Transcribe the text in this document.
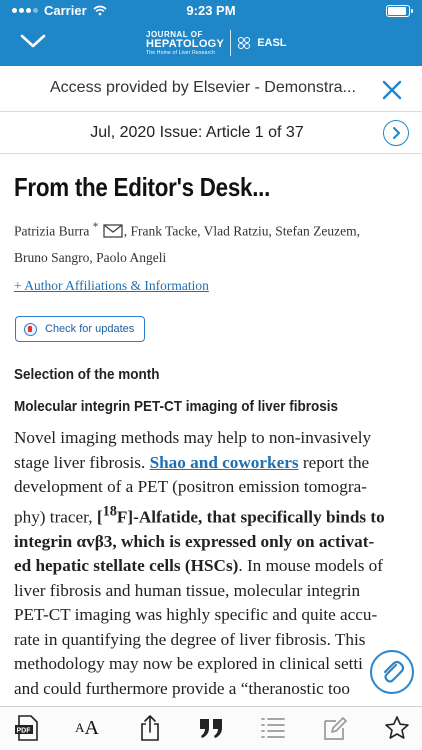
Carrier	9:23 PM
JOURNAL OF
HEPATOLOGY
The Home of Liver Research
EASL
Access provided by Elsevier - Demonstra...
Jul, 2020 Issue: Article 1 of 37
From the Editor's Desk...
Patrizia Burra * , Frank Tacke, Vlad Ratziu, Stefan Zeuzem,
Bruno Sangro, Paolo Angeli
+ Author Affiliations & Information
Check for updates
Selection of the month
Molecular integrin PET-CT imaging of liver fibrosis

Novel imaging methods may help to non-invasively
stage liver fibrosis. Shao and coworkers report the
development of a PET (positron emission tomogra-
phy) tracer, [$^{18}$F]-Alfatide, that specifically binds to
integrin αvβ3, which is expressed only on activat-
ed hepatic stellate cells (HSCs). In mouse models of
liver fibrosis and human tissue, molecular integrin
PET-CT imaging was highly specific and quite accu-
rate in quantifying the degree of liver fibrosis. This
methodology may now be explored in clinical setti
and could furthermore provide a “theranostic too

PDF	A A
